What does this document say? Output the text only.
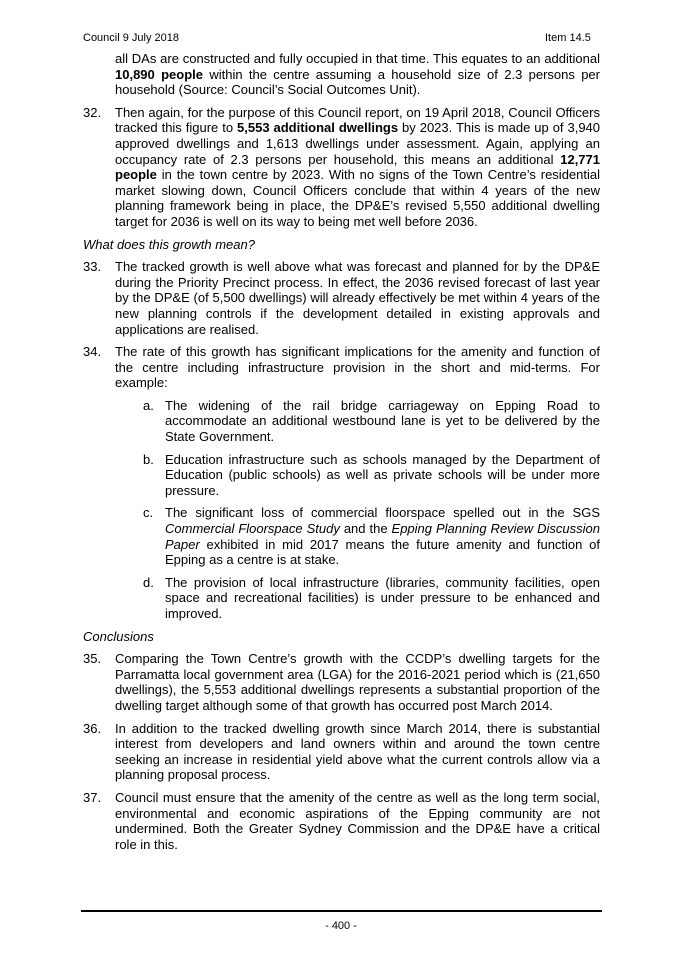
Council 9 July 2018	Item 14.5
all DAs are constructed and fully occupied in that time. This equates to an additional 10,890 people within the centre assuming a household size of 2.3 persons per household (Source: Council’s Social Outcomes Unit).
32. Then again, for the purpose of this Council report, on 19 April 2018, Council Officers tracked this figure to 5,553 additional dwellings by 2023. This is made up of 3,940 approved dwellings and 1,613 dwellings under assessment. Again, applying an occupancy rate of 2.3 persons per household, this means an additional 12,771 people in the town centre by 2023. With no signs of the Town Centre’s residential market slowing down, Council Officers conclude that within 4 years of the new planning framework being in place, the DP&E’s revised 5,550 additional dwelling target for 2036 is well on its way to being met well before 2036.
What does this growth mean?
33. The tracked growth is well above what was forecast and planned for by the DP&E during the Priority Precinct process. In effect, the 2036 revised forecast of last year by the DP&E (of 5,500 dwellings) will already effectively be met within 4 years of the new planning controls if the development detailed in existing approvals and applications are realised.
34. The rate of this growth has significant implications for the amenity and function of the centre including infrastructure provision in the short and mid-terms. For example:
a. The widening of the rail bridge carriageway on Epping Road to accommodate an additional westbound lane is yet to be delivered by the State Government.
b. Education infrastructure such as schools managed by the Department of Education (public schools) as well as private schools will be under more pressure.
c. The significant loss of commercial floorspace spelled out in the SGS Commercial Floorspace Study and the Epping Planning Review Discussion Paper exhibited in mid 2017 means the future amenity and function of Epping as a centre is at stake.
d. The provision of local infrastructure (libraries, community facilities, open space and recreational facilities) is under pressure to be enhanced and improved.
Conclusions
35. Comparing the Town Centre’s growth with the CCDP’s dwelling targets for the Parramatta local government area (LGA) for the 2016-2021 period which is (21,650 dwellings), the 5,553 additional dwellings represents a substantial proportion of the dwelling target although some of that growth has occurred post March 2014.
36. In addition to the tracked dwelling growth since March 2014, there is substantial interest from developers and land owners within and around the town centre seeking an increase in residential yield above what the current controls allow via a planning proposal process.
37. Council must ensure that the amenity of the centre as well as the long term social, environmental and economic aspirations of the Epping community are not undermined. Both the Greater Sydney Commission and the DP&E have a critical role in this.
- 400 -
